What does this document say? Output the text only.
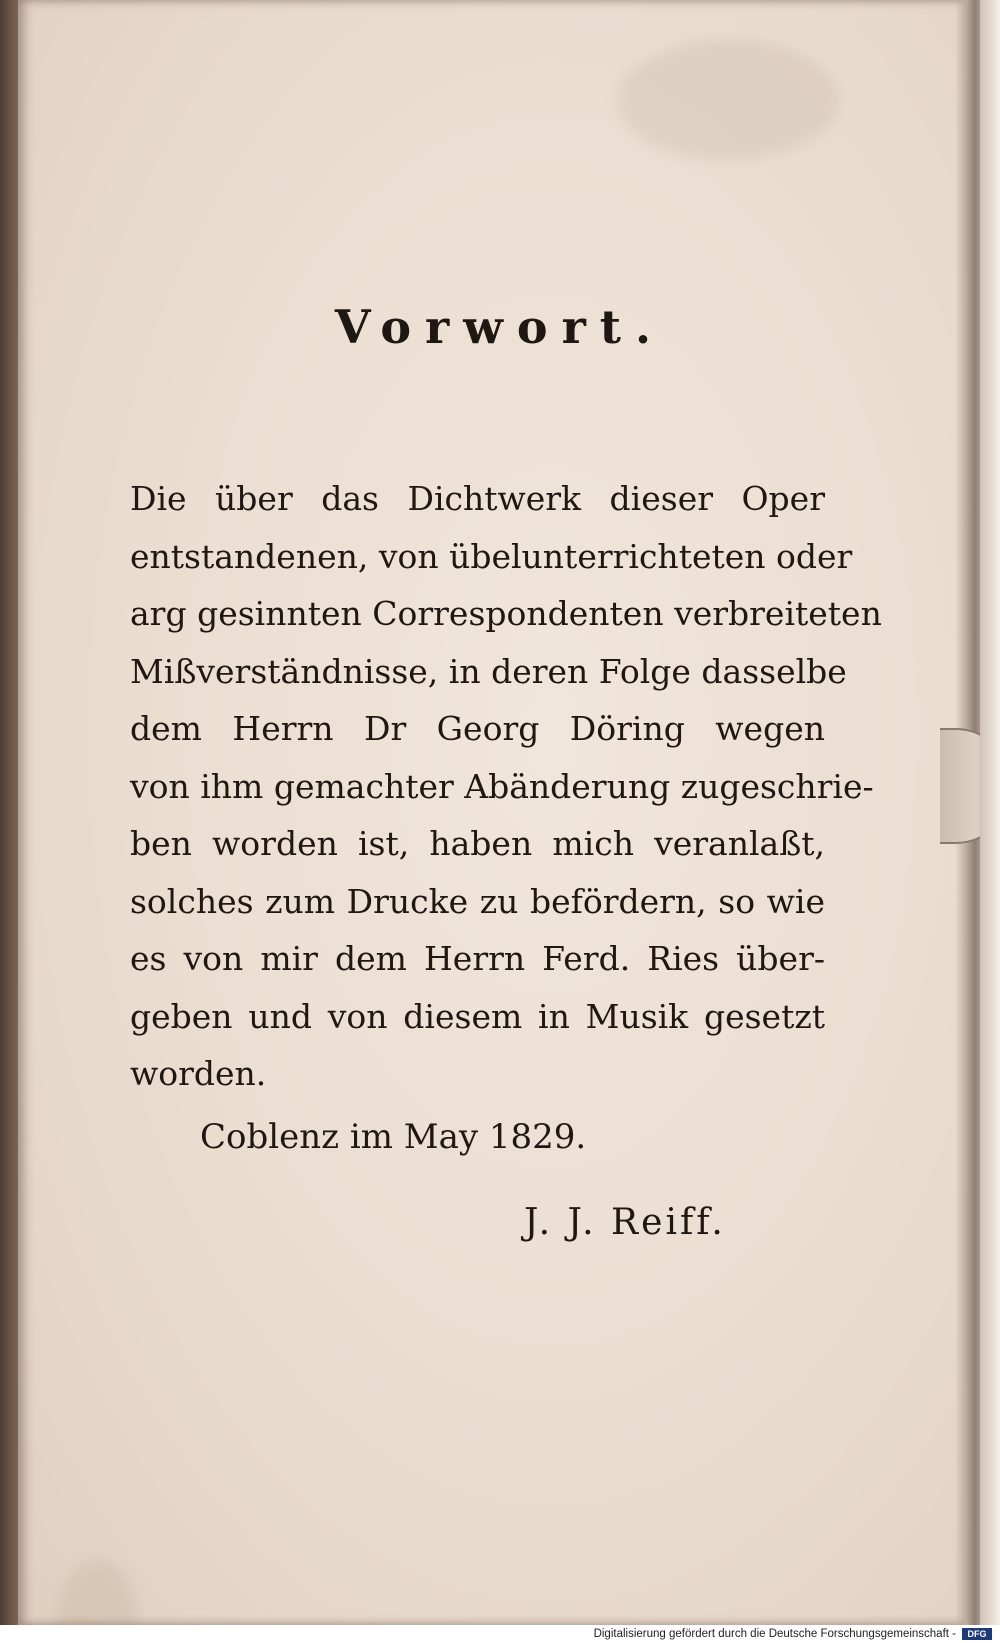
Vorwort.
Die über das Dichtwerk dieser Oper
entstandenen, von übelunterrichteten oder
arg gesinnten Correspondenten verbreiteten
Mißverständnisse, in deren Folge dasselbe
dem Herrn Dr Georg Döring wegen
von ihm gemachter Abänderung zugeschrie-
ben worden ist, haben mich veranlaßt,
solches zum Drucke zu befördern, so wie
es von mir dem Herrn Ferd. Ries über-
geben und von diesem in Musik gesetzt
worden.
Coblenz im May 1829.
J. J. Reiff.
Digitalisierung gefördert durch die Deutsche Forschungsgemeinschaft -	DFG
